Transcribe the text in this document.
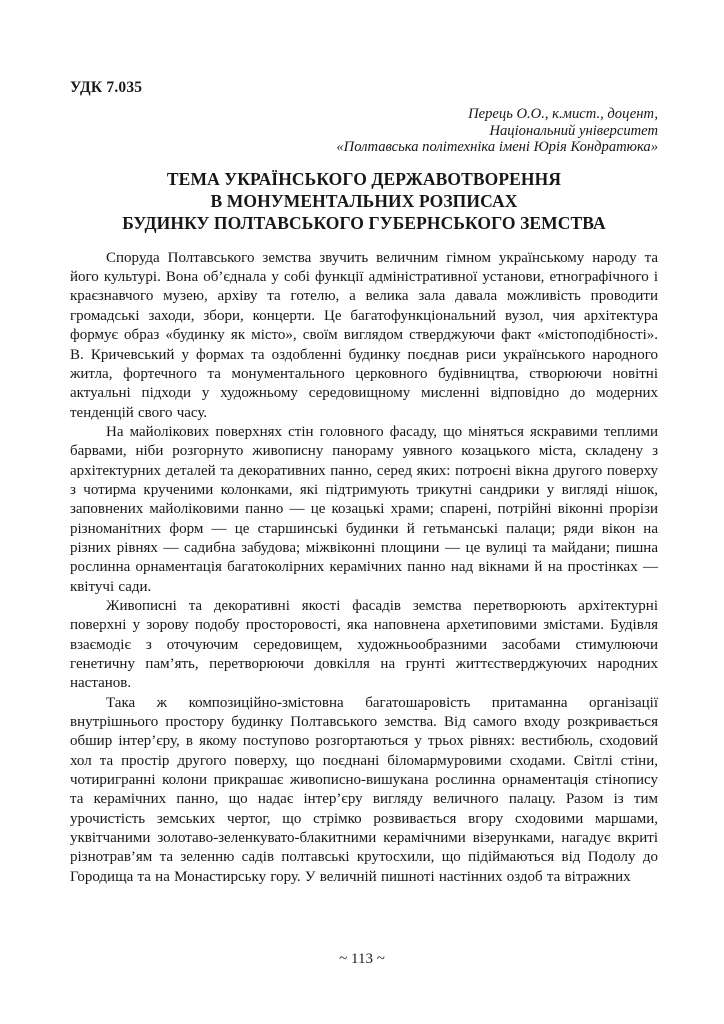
УДК 7.035
Перець О.О., к.мист., доцент,
Національний університет
«Полтавська політехніка імені Юрія Кондратюка»
ТЕМА УКРАЇНСЬКОГО ДЕРЖАВОТВОРЕННЯ
В МОНУМЕНТАЛЬНИХ РОЗПИСАХ
БУДИНКУ ПОЛТАВСЬКОГО ГУБЕРНСЬКОГО ЗЕМСТВА

Споруда Полтавського земства звучить величним гімном українському народу та його культурі. Вона об’єднала у собі функції адміністративної установи, етнографічного і краєзнавчого музею, архіву та готелю, а велика зала давала можливість проводити громадські заходи, збори, концерти. Це багатофункціональний вузол, чия архітектура формує образ «будинку як місто», своїм виглядом стверджуючи факт «містоподібності». В. Кричевський у формах та оздобленні будинку поєднав риси українського народного житла, фортечного та монументального церковного будівництва, створюючи новітні актуальні підходи у художньому середовищному мисленні відповідно до модерних тенденцій свого часу.

На майолікових поверхнях стін головного фасаду, що міняться яскравими теплими барвами, ніби розгорнуто живописну панораму уявного козацького міста, складену з архітектурних деталей та декоративних панно, серед яких: потроєні вікна другого поверху з чотирма крученими колонками, які підтримують трикутні сандрики у вигляді нішок, заповнених майоліковими панно — це козацькі храми; спарені, потрійні віконні прорізи різноманітних форм — це старшинські будинки й гетьманські палаци; ряди вікон на різних рівнях — садибна забудова; міжвіконні площини — це вулиці та майдани; пишна рослинна орнаментація багатоколірних керамічних панно над вікнами й на простінках — квітучі сади.

Живописні та декоративні якості фасадів земства перетворюють архітектурні поверхні у зорову подобу просторовості, яка наповнена архетиповими змістами. Будівля взаємодіє з оточуючим середовищем, художньообразними засобами стимулюючи генетичну пам’ять, перетворюючи довкілля на грунті життєстверджуючих народних настанов.

Така ж композиційно-змістовна багатошаровість притаманна організації внутрішнього простору будинку Полтавського земства. Від самого входу розкривається обшир інтер’єру, в якому поступово розгортаються у трьох рівнях: вестибюль, сходовий хол та простір другого поверху, що поєднані біломармуровими сходами. Світлі стіни, чотиригранні колони прикрашає живописно-вишукана рослинна орнаментація стінопису та керамічних панно, що надає інтер’єру вигляду величного палацу. Разом із тим урочистість земських чертог, що стрімко розвивається вгору сходовими маршами, уквітчаними золотаво-зеленкувато-блакитними керамічними візерунками, нагадує вкриті різнотрав’ям та зеленню садів полтавські крутосхили, що підіймаються від Подолу до Городища та на Монастирську гору. У величній пишноті настінних оздоб та вітражних

~ 113 ~
